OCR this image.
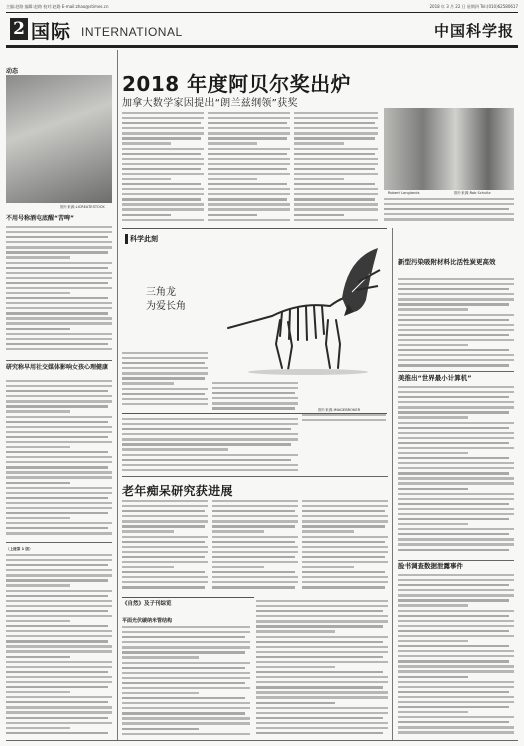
主编:赵路 编辑:赵路 校对:赵路 E-mail:zhao@stimes.cn	2018 年 3 月 22 日 星期四 Tel:(010)62580617
2 国际 INTERNATIONAL	中国科学报
动态
图片来源:LICREATESTOCK
不用号称酒屯底醒“苦啤”
研究称早用社交媒体影响女孩心理健康
（上接第 1 版）
2018 年度阿贝尔奖出炉
加拿大数学家因提出“朗兰兹纲领”获奖
Robert Langlands	图片来源:Rob Schultz
科学此刻
三角龙
为爱长角
图片来源:IMAGEBROKER
新型污染吸附材料比活性炭更高效
美推出“世界最小计算机”
脸书调查数据泄露事件
老年痴呆研究获进展
《自然》及子刊综览
平面光伏碳纳米管结构
